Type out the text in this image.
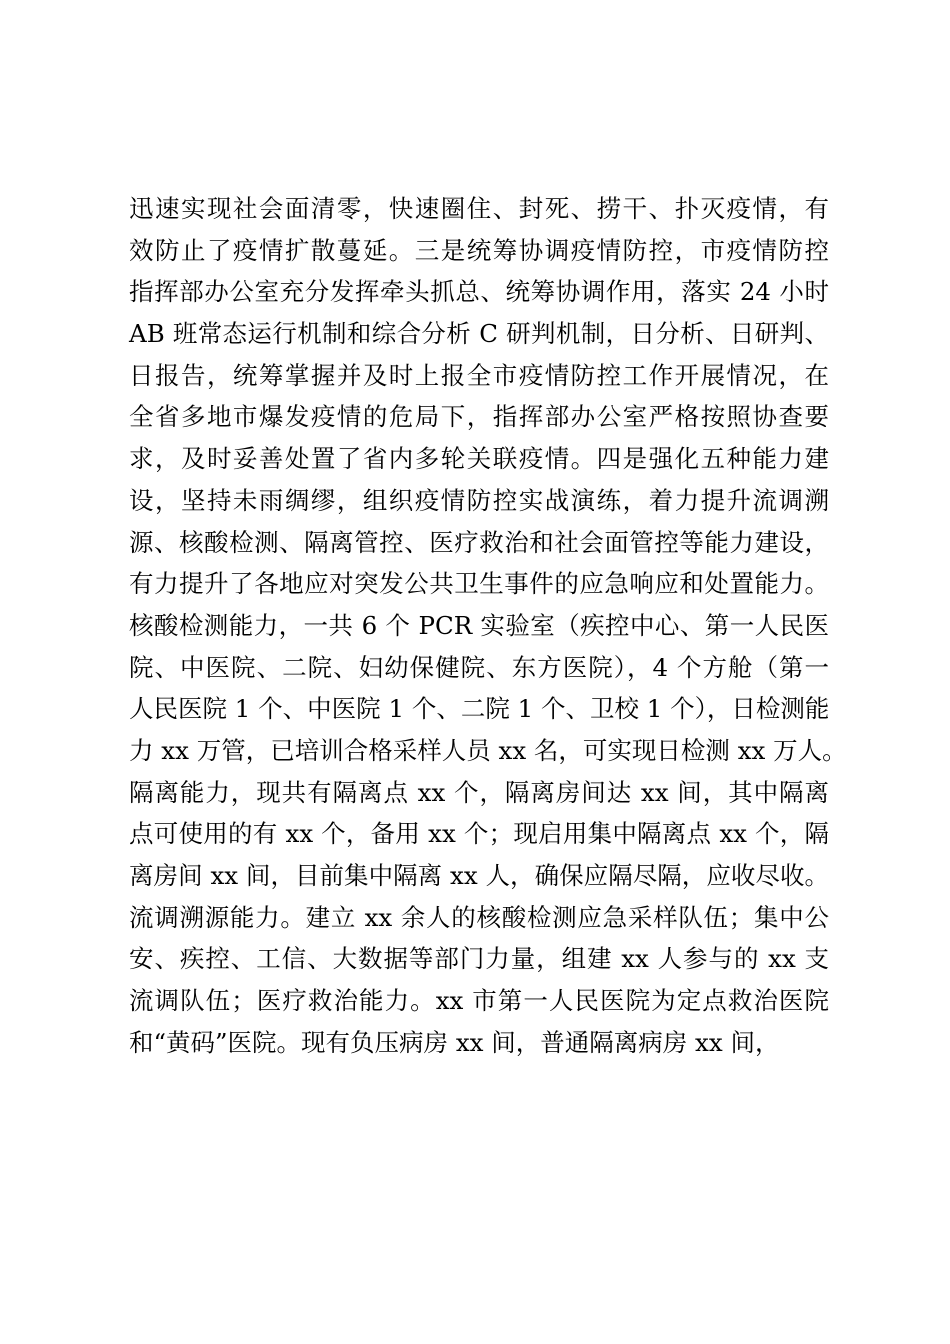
迅速实现社会面清零，快速圈住、封死、捞干、扑灭疫情，有
效防止了疫情扩散蔓延。三是统筹协调疫情防控，市疫情防控
指挥部办公室充分发挥牵头抓总、统筹协调作用，落实 24 小时
AB 班常态运行机制和综合分析 C 研判机制，日分析、日研判、
日报告，统筹掌握并及时上报全市疫情防控工作开展情况，在
全省多地市爆发疫情的危局下，指挥部办公室严格按照协查要
求，及时妥善处置了省内多轮关联疫情。四是强化五种能力建
设，坚持未雨绸缪，组织疫情防控实战演练，着力提升流调溯
源、核酸检测、隔离管控、医疗救治和社会面管控等能力建设，
有力提升了各地应对突发公共卫生事件的应急响应和处置能力。
核酸检测能力，一共 6 个 PCR 实验室（疾控中心、第一人民医
院、中医院、二院、妇幼保健院、东方医院），4 个方舱（第一
人民医院 1 个、中医院 1 个、二院 1 个、卫校 1 个），日检测能
力 xx 万管，已培训合格采样人员 xx 名，可实现日检测 xx 万人。
隔离能力，现共有隔离点 xx 个，隔离房间达 xx 间，其中隔离
点可使用的有 xx 个，备用 xx 个；现启用集中隔离点 xx 个，隔
离房间 xx 间，目前集中隔离 xx 人，确保应隔尽隔，应收尽收。
流调溯源能力。建立 xx 余人的核酸检测应急采样队伍；集中公
安、疾控、工信、大数据等部门力量，组建 xx 人参与的 xx 支
流调队伍；医疗救治能力。xx 市第一人民医院为定点救治医院
和“黄码”医院。现有负压病房 xx 间，普通隔离病房 xx 间，
